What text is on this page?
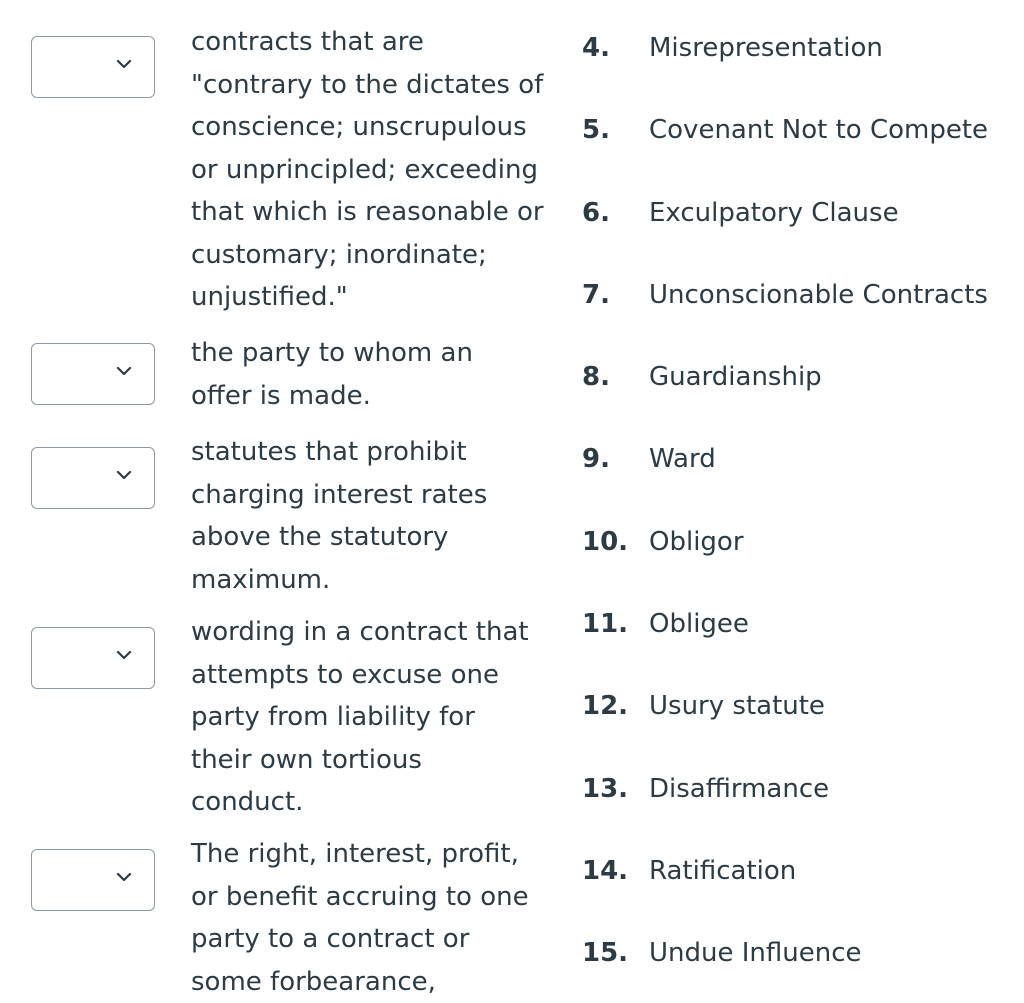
contracts that are
"contrary to the dictates of
conscience; unscrupulous
or unprincipled; exceeding
that which is reasonable or
customary; inordinate;
unjustified."

the party to whom an
offer is made.

statutes that prohibit
charging interest rates
above the statutory
maximum.

wording in a contract that
attempts to excuse one
party from liability for
their own tortious
conduct.

The right, interest, profit,
or benefit accruing to one
party to a contract or
some forbearance,

4.	Misrepresentation
5.	Covenant Not to Compete
6.	Exculpatory Clause
7.	Unconscionable Contracts
8.	Guardianship
9.	Ward
10. Obligor
11. Obligee
12. Usury statute
13. Disaffirmance
14. Ratification
15. Undue Influence
